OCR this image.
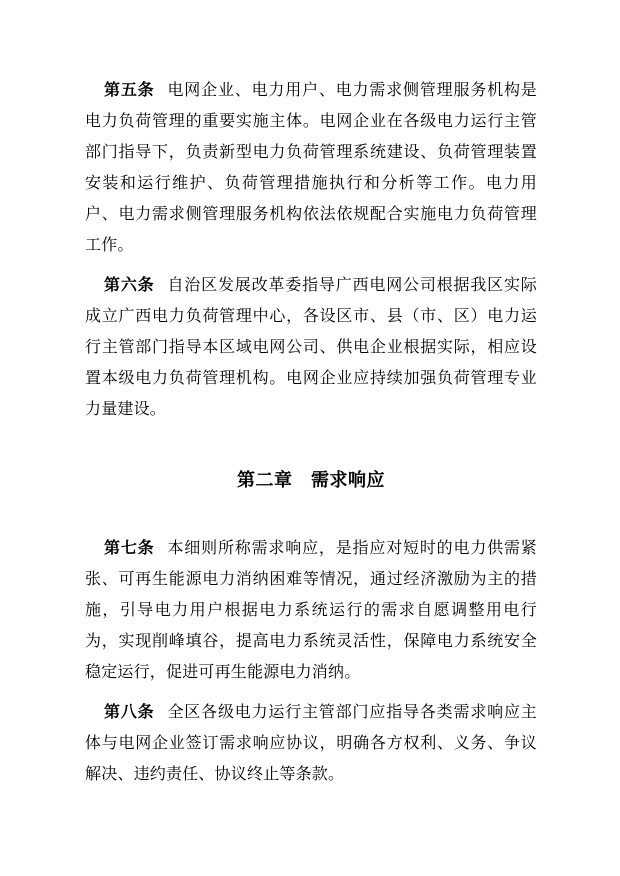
第五条 电网企业、电力用户、电力需求侧管理服务机构是电力负荷管理的重要实施主体。电网企业在各级电力运行主管部门指导下，负责新型电力负荷管理系统建设、负荷管理装置安装和运行维护、负荷管理措施执行和分析等工作。电力用户、电力需求侧管理服务机构依法依规配合实施电力负荷管理工作。

第六条 自治区发展改革委指导广西电网公司根据我区实际成立广西电力负荷管理中心，各设区市、县（市、区）电力运行主管部门指导本区域电网公司、供电企业根据实际，相应设置本级电力负荷管理机构。电网企业应持续加强负荷管理专业力量建设。

第二章　需求响应

第七条 本细则所称需求响应，是指应对短时的电力供需紧张、可再生能源电力消纳困难等情况，通过经济激励为主的措施，引导电力用户根据电力系统运行的需求自愿调整用电行为，实现削峰填谷，提高电力系统灵活性，保障电力系统安全稳定运行，促进可再生能源电力消纳。

第八条 全区各级电力运行主管部门应指导各类需求响应主体与电网企业签订需求响应协议，明确各方权利、义务、争议解决、违约责任、协议终止等条款。
